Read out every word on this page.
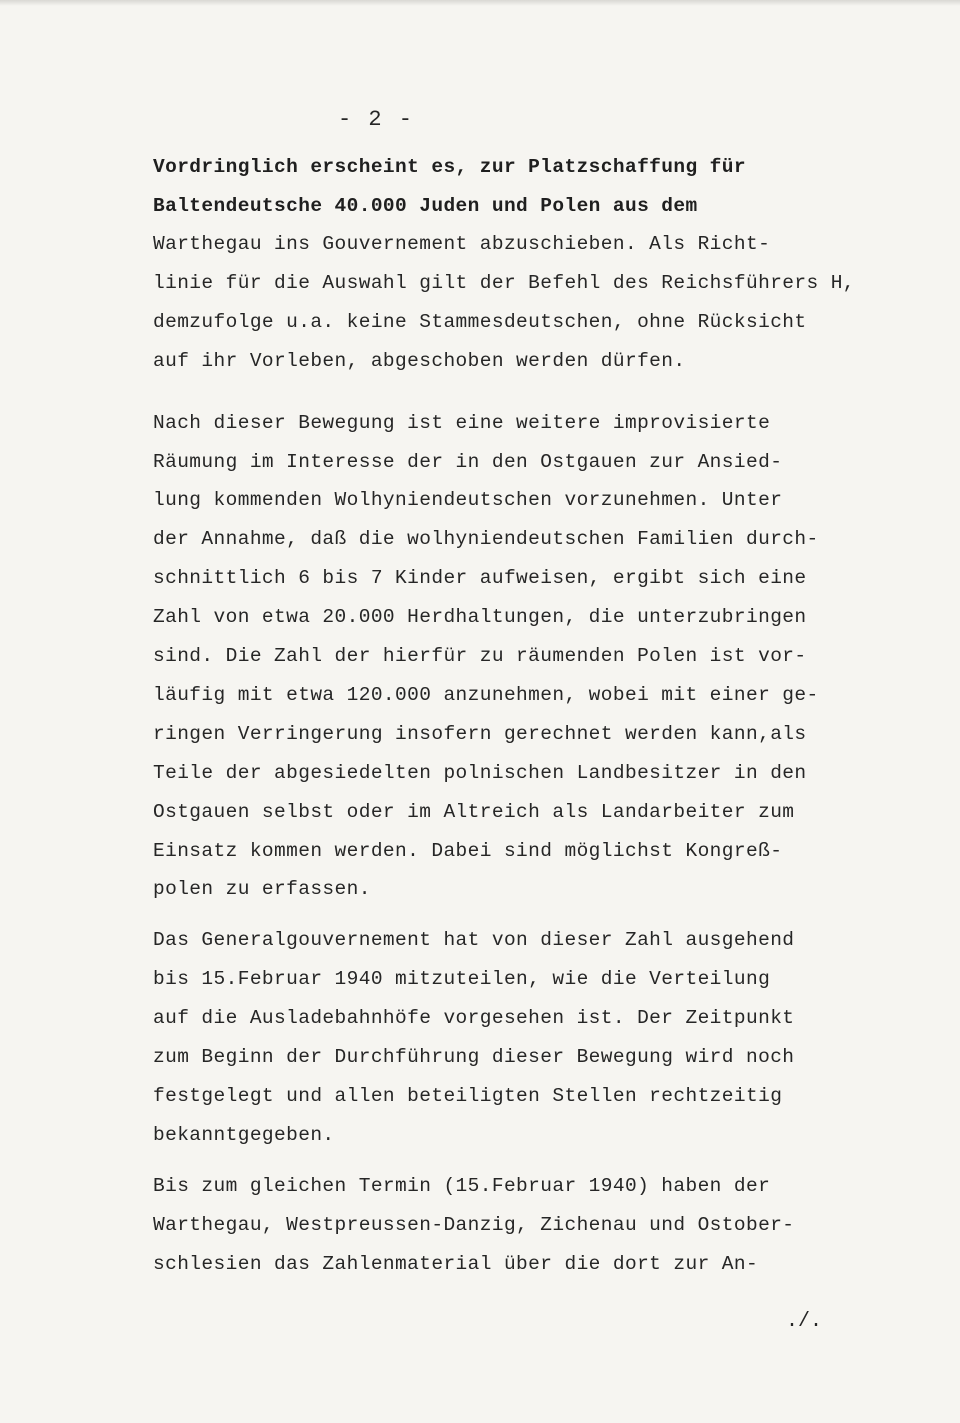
- 2 -
Vordringlich erscheint es, zur Platzschaffung für
Baltendeutsche 40.000 Juden und Polen aus dem
Warthegau ins Gouvernement abzuschieben. Als Richt-
linie für die Auswahl gilt der Befehl des Reichsführers H,
demzufolge u.a. keine Stammesdeutschen, ohne Rücksicht
auf ihr Vorleben, abgeschoben werden dürfen.
Nach dieser Bewegung ist eine weitere improvisierte
Räumung im Interesse der in den Ostgauen zur Ansied-
lung kommenden Wolhyniendeutschen vorzunehmen. Unter
der Annahme, daß die wolhyniendeutschen Familien durch-
schnittlich 6 bis 7 Kinder aufweisen, ergibt sich eine
Zahl von etwa 20.000 Herdhaltungen, die unterzubringen
sind. Die Zahl der hierfür zu räumenden Polen ist vor-
läufig mit etwa 120.000 anzunehmen, wobei mit einer ge-
ringen Verringerung insofern gerechnet werden kann,als
Teile der abgesiedelten polnischen Landbesitzer in den
Ostgauen selbst oder im Altreich als Landarbeiter zum
Einsatz kommen werden. Dabei sind möglichst Kongreß-
polen zu erfassen.
Das Generalgouvernement hat von dieser Zahl ausgehend
bis 15.Februar 1940 mitzuteilen, wie die Verteilung
auf die Ausladebahnhöfe vorgesehen ist. Der Zeitpunkt
zum Beginn der Durchführung dieser Bewegung wird noch
festgelegt und allen beteiligten Stellen rechtzeitig
bekanntgegeben.
Bis zum gleichen Termin (15.Februar 1940) haben der
Warthegau, Westpreussen-Danzig, Zichenau und Ostober-
schlesien das Zahlenmaterial über die dort zur An-
./.
